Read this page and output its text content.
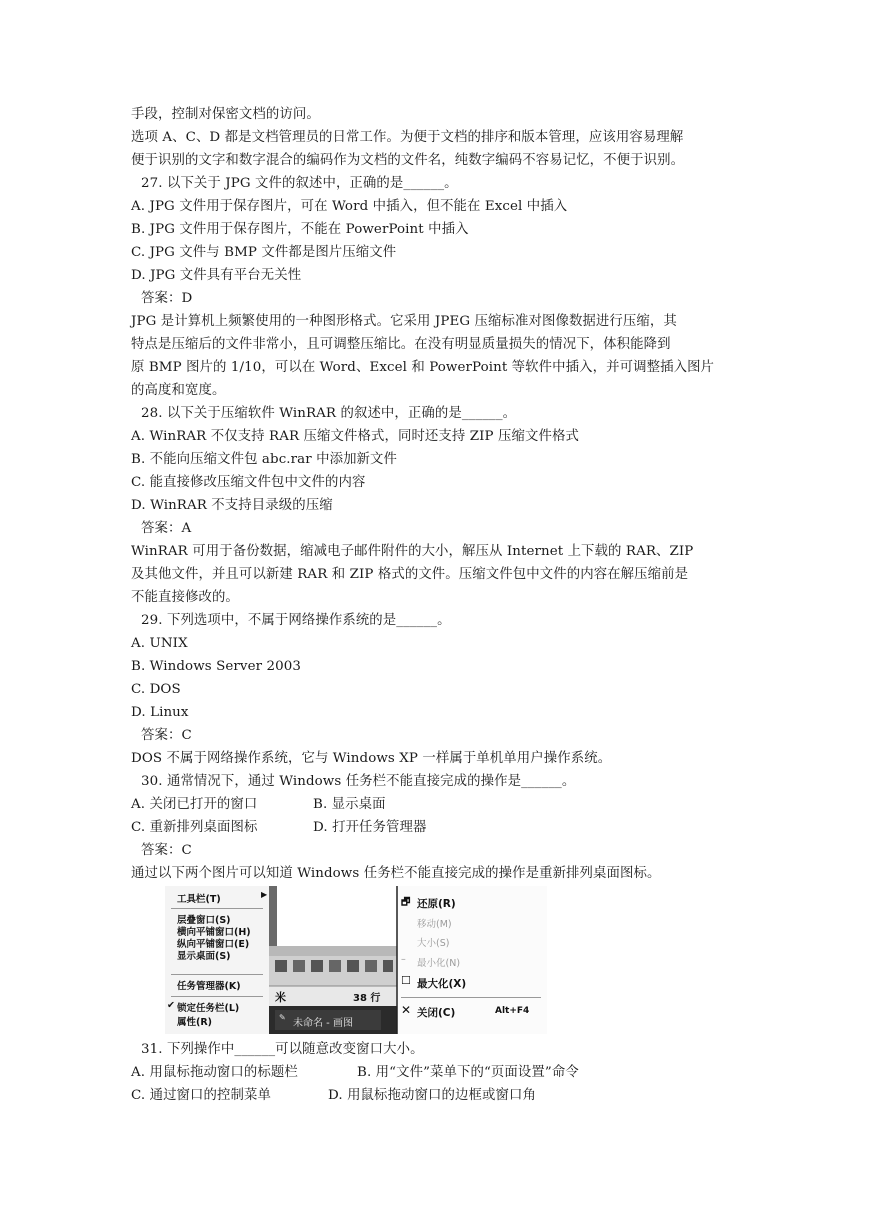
手段，控制对保密文档的访问。
选项 A、C、D 都是文档管理员的日常工作。为便于文档的排序和版本管理，应该用容易理解
便于识别的文字和数字混合的编码作为文档的文件名，纯数字编码不容易记忆，不便于识别。
27. 以下关于 JPG 文件的叙述中，正确的是______。
A. JPG 文件用于保存图片，可在 Word 中插入，但不能在 Excel 中插入
B. JPG 文件用于保存图片，不能在 PowerPoint 中插入
C. JPG 文件与 BMP 文件都是图片压缩文件
D. JPG 文件具有平台无关性
答案：D
JPG 是计算机上频繁使用的一种图形格式。它采用 JPEG 压缩标准对图像数据进行压缩，其
特点是压缩后的文件非常小，且可调整压缩比。在没有明显质量损失的情况下，体积能降到
原 BMP 图片的 1/10，可以在 Word、Excel 和 PowerPoint 等软件中插入，并可调整插入图片
的高度和宽度。
28. 以下关于压缩软件 WinRAR 的叙述中，正确的是______。
A. WinRAR 不仅支持 RAR 压缩文件格式，同时还支持 ZIP 压缩文件格式
B. 不能向压缩文件包 abc.rar 中添加新文件
C. 能直接修改压缩文件包中文件的内容
D. WinRAR 不支持目录级的压缩
答案：A
WinRAR 可用于备份数据，缩减电子邮件附件的大小，解压从 Internet 上下载的 RAR、ZIP
及其他文件，并且可以新建 RAR 和 ZIP 格式的文件。压缩文件包中文件的内容在解压缩前是
不能直接修改的。
29. 下列选项中，不属于网络操作系统的是______。
A. UNIX
B. Windows Server 2003
C. DOS
D. Linux
答案：C
DOS 不属于网络操作系统，它与 Windows XP 一样属于单机单用户操作系统。
30. 通常情况下，通过 Windows 任务栏不能直接完成的操作是______。
A. 关闭已打开的窗口	B. 显示桌面
C. 重新排列桌面图标	D. 打开任务管理器
答案：C
通过以下两个图片可以知道 Windows 任务栏不能直接完成的操作是重新排列桌面图标。
工具栏(T)	▶
层叠窗口(S)
横向平铺窗口(H)
纵向平铺窗口(E)
显示桌面(S)
任务管理器(K)
✔ 锁定任务栏(L)
属性(R)
米	38 行
✎
未命名 - 画图
🗗 还原(R)
移动(M)
大小(S)
– 最小化(N)
☐ 最大化(X)
✕ 关闭(C)	Alt+F4
31. 下列操作中______可以随意改变窗口大小。
A. 用鼠标拖动窗口的标题栏	B. 用“文件”菜单下的“页面设置”命令
C. 通过窗口的控制菜单	D. 用鼠标拖动窗口的边框或窗口角
